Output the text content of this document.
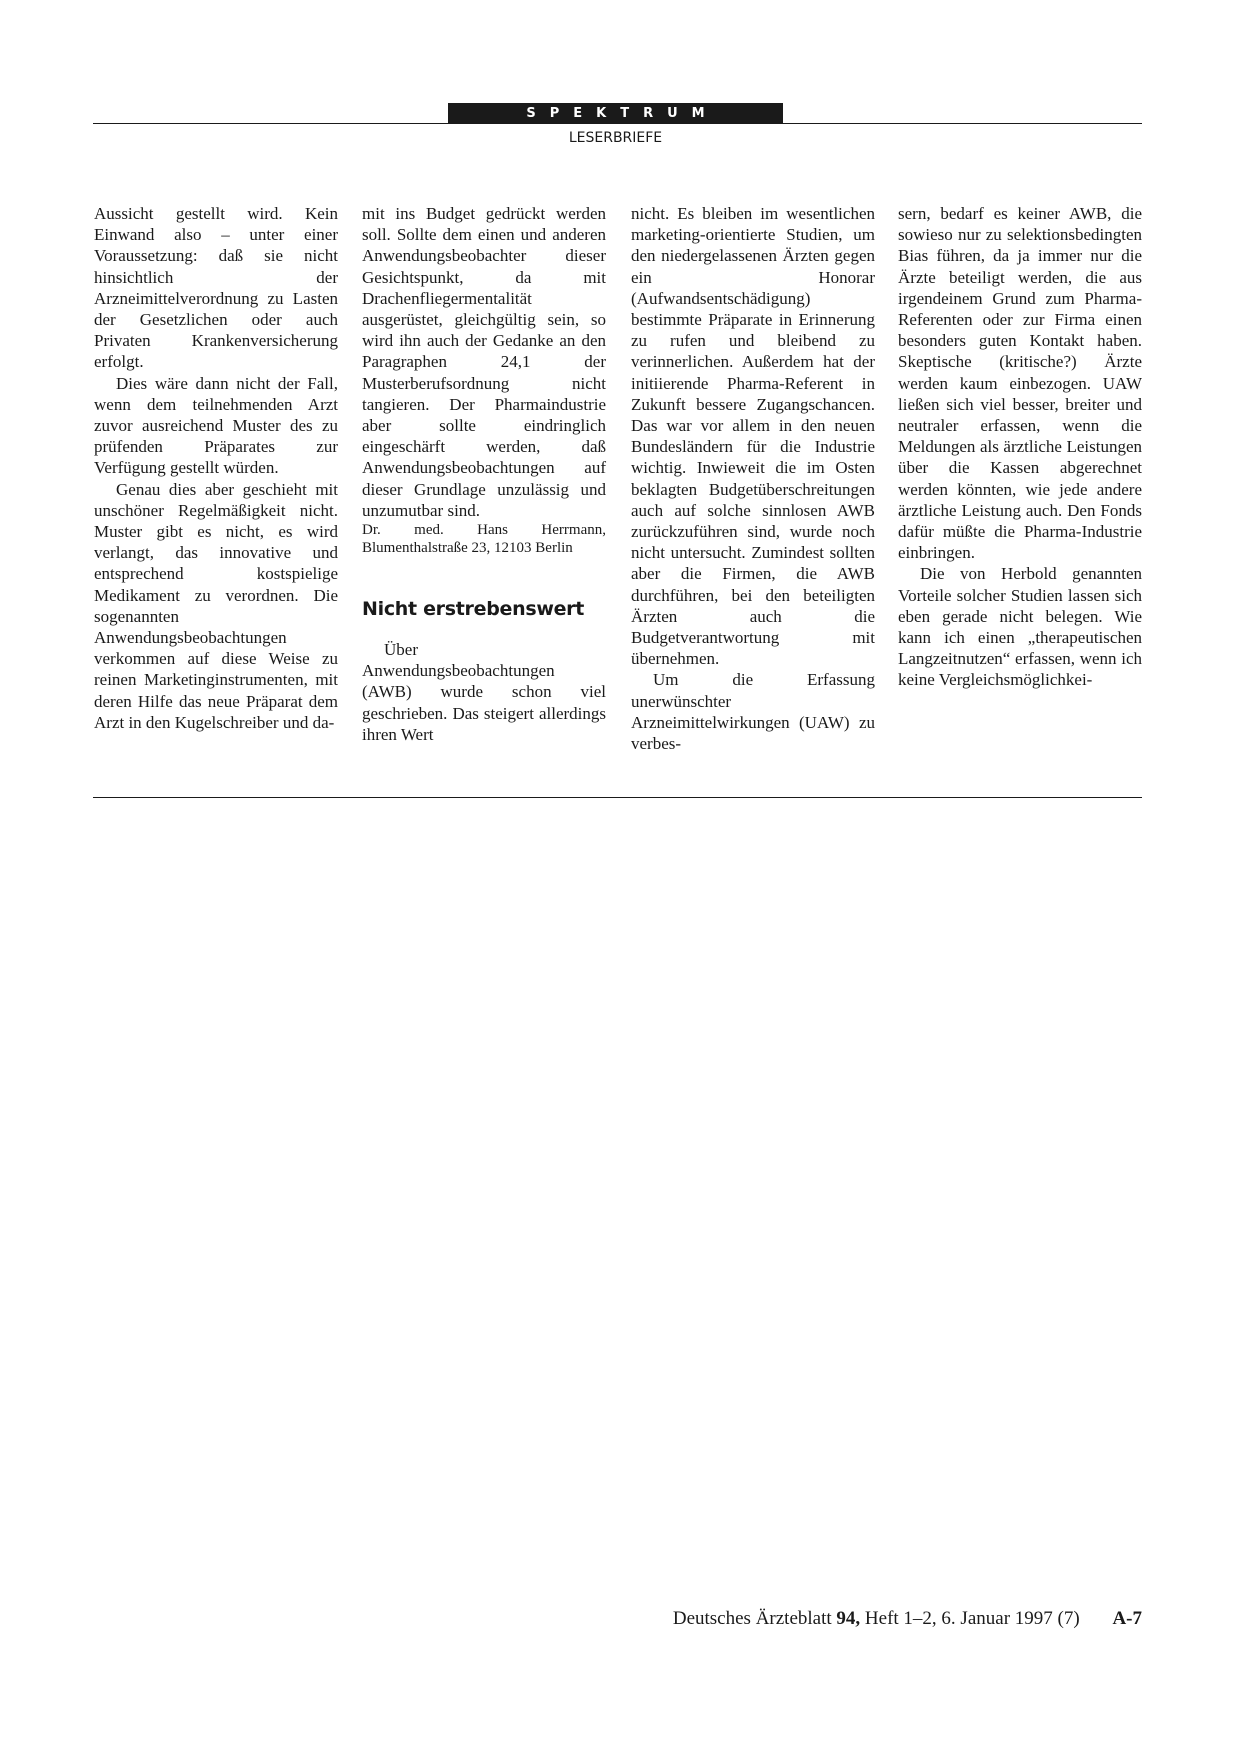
SPEKTRUM
LESERBRIEFE

Aussicht gestellt wird. Kein Einwand also – unter einer Voraussetzung: daß sie nicht hinsichtlich der Arzneimittelverordnung zu Lasten der Gesetzlichen oder auch Privaten Krankenversicherung erfolgt.

Dies wäre dann nicht der Fall, wenn dem teilnehmenden Arzt zuvor ausreichend Muster des zu prüfenden Präparates zur Verfügung gestellt würden.

Genau dies aber geschieht mit unschöner Regelmäßigkeit nicht. Muster gibt es nicht, es wird verlangt, das innovative und entsprechend kostspielige Medikament zu verordnen. Die sogenannten Anwendungsbeobachtungen verkommen auf diese Weise zu reinen Marketinginstrumenten, mit deren Hilfe das neue Präparat dem Arzt in den Kugelschreiber und da-

mit ins Budget gedrückt werden soll. Sollte dem einen und anderen Anwendungsbeobachter dieser Gesichtspunkt, da mit Drachenfliegermentalität ausgerüstet, gleichgültig sein, so wird ihn auch der Gedanke an den Paragraphen 24,1 der Musterberufsordnung nicht tangieren. Der Pharmaindustrie aber sollte eindringlich eingeschärft werden, daß Anwendungsbeobachtungen auf dieser Grundlage unzulässig und unzumutbar sind.

Dr. med. Hans Herrmann, Blumenthalstraße 23, 12103 Berlin

Nicht erstrebenswert

Über Anwendungsbeobachtungen (AWB) wurde schon viel geschrieben. Das steigert allerdings ihren Wert

nicht. Es bleiben im wesentlichen marketing-orientierte Studien, um den niedergelassenen Ärzten gegen ein Honorar (Aufwandsentschädigung) bestimmte Präparate in Erinnerung zu rufen und bleibend zu verinnerlichen. Außerdem hat der initiierende Pharma-Referent in Zukunft bessere Zugangschancen. Das war vor allem in den neuen Bundesländern für die Industrie wichtig. Inwieweit die im Osten beklagten Budgetüberschreitungen auch auf solche sinnlosen AWB zurückzuführen sind, wurde noch nicht untersucht. Zumindest sollten aber die Firmen, die AWB durchführen, bei den beteiligten Ärzten auch die Budgetverantwortung mit übernehmen.

Um die Erfassung unerwünschter Arzneimittelwirkungen (UAW) zu verbes-

sern, bedarf es keiner AWB, die sowieso nur zu selektionsbedingten Bias führen, da ja immer nur die Ärzte beteiligt werden, die aus irgendeinem Grund zum Pharma-Referenten oder zur Firma einen besonders guten Kontakt haben. Skeptische (kritische?) Ärzte werden kaum einbezogen. UAW ließen sich viel besser, breiter und neutraler erfassen, wenn die Meldungen als ärztliche Leistungen über die Kassen abgerechnet werden könnten, wie jede andere ärztliche Leistung auch. Den Fonds dafür müßte die Pharma-Industrie einbringen.

Die von Herbold genannten Vorteile solcher Studien lassen sich eben gerade nicht belegen. Wie kann ich einen „therapeutischen Langzeitnutzen“ erfassen, wenn ich keine Vergleichsmöglichkei-

Deutsches Ärzteblatt 94, Heft 1–2, 6. Januar 1997 (7) A-7
